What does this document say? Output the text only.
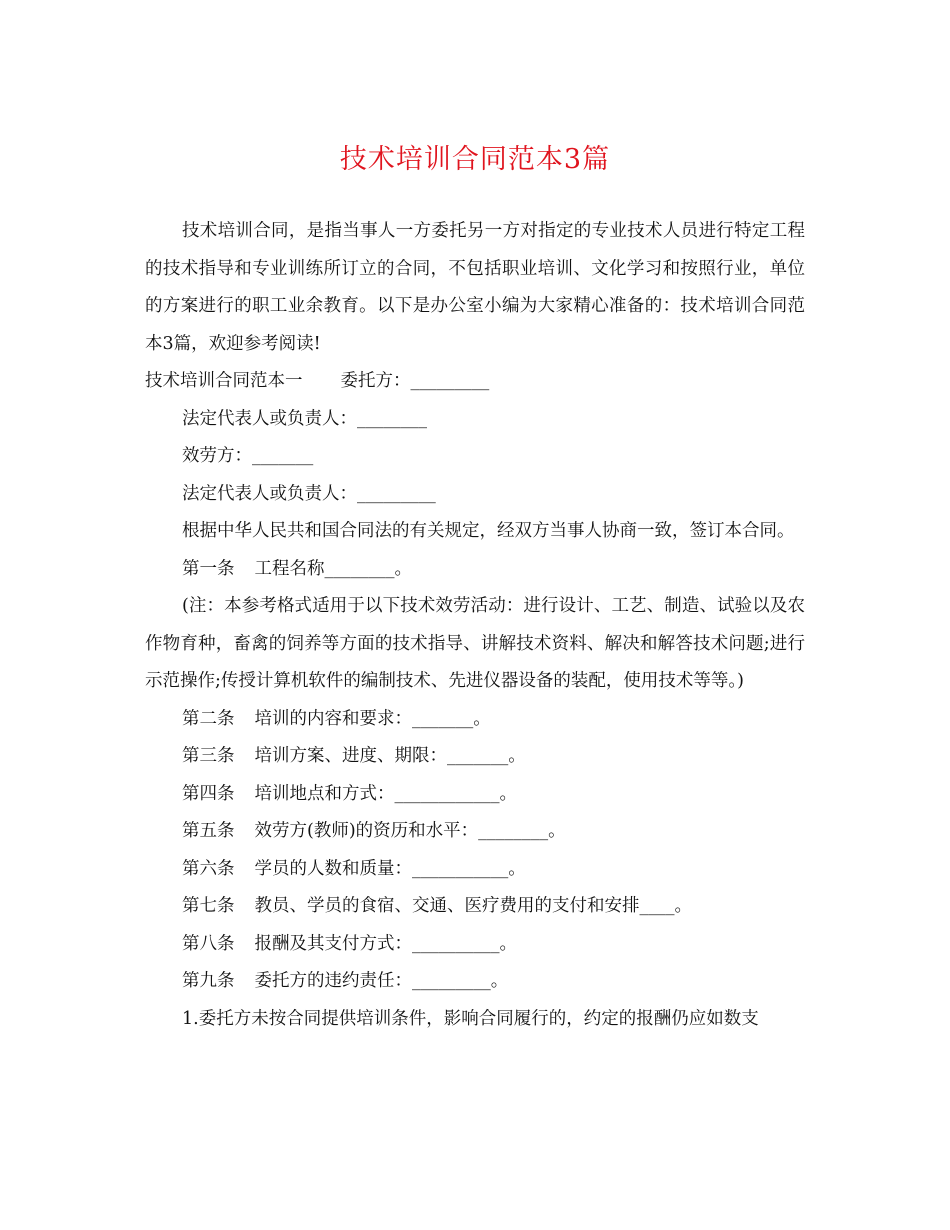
技术培训合同范本3篇

技术培训合同，是指当事人一方委托另一方对指定的专业技术人员进行特定工程的技术指导和专业训练所订立的合同，不包括职业培训、文化学习和按照行业，单位的方案进行的职工业余教育。以下是办公室小编为大家精心准备的：技术培训合同范本3篇，欢迎参考阅读!

技术培训合同范本一 委托方：_________

法定代表人或负责人：________

效劳方：_______

法定代表人或负责人：_________

根据中华人民共和国合同法的有关规定，经双方当事人协商一致，签订本合同。

第一条 工程名称________。

(注：本参考格式适用于以下技术效劳活动：进行设计、工艺、制造、试验以及农作物育种，畜禽的饲养等方面的技术指导、讲解技术资料、解决和解答技术问题;进行示范操作;传授计算机软件的编制技术、先进仪器设备的装配，使用技术等等。)

第二条 培训的内容和要求：_______。

第三条 培训方案、进度、期限：_______。

第四条 培训地点和方式：____________。

第五条 效劳方(教师)的资历和水平：________。

第六条 学员的人数和质量：___________。

第七条 教员、学员的食宿、交通、医疗费用的支付和安排____。

第八条 报酬及其支付方式：__________。

第九条 委托方的违约责任：_________。

1.委托方未按合同提供培训条件，影响合同履行的，约定的报酬仍应如数支
